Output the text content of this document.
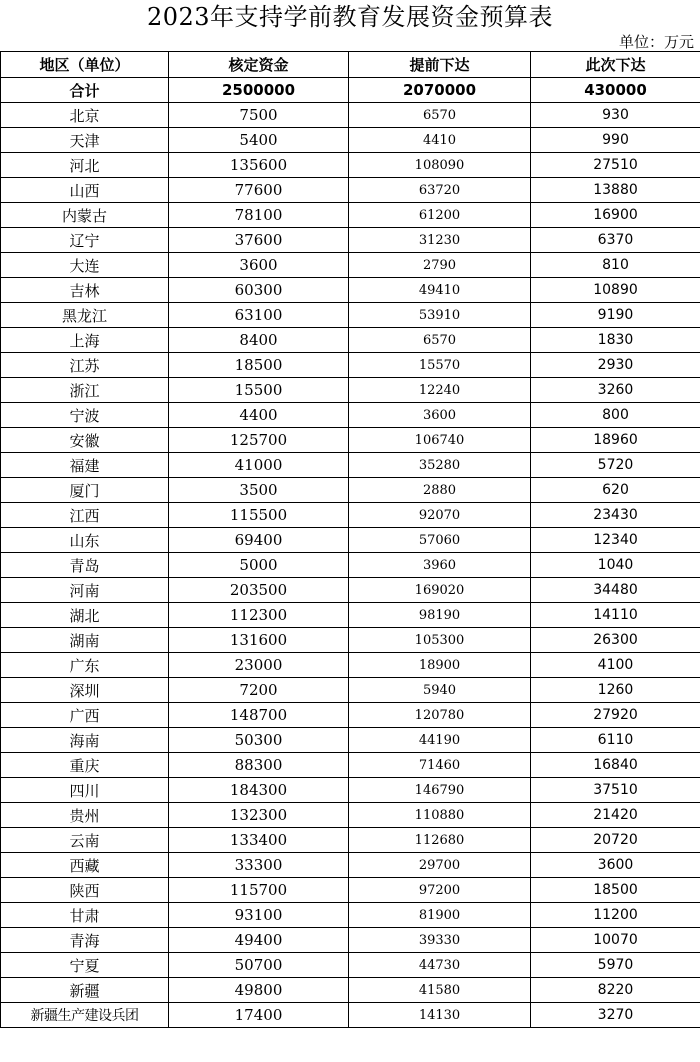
2023年支持学前教育发展资金预算表
单位：万元
地区（单位）	核定资金	提前下达	此次下达
合计	2500000	2070000	430000
北京	7500	6570	930
天津	5400	4410	990
河北	135600	108090	27510
山西	77600	63720	13880
内蒙古	78100	61200	16900
辽宁	37600	31230	6370
大连	3600	2790	810
吉林	60300	49410	10890
黑龙江	63100	53910	9190
上海	8400	6570	1830
江苏	18500	15570	2930
浙江	15500	12240	3260
宁波	4400	3600	800
安徽	125700	106740	18960
福建	41000	35280	5720
厦门	3500	2880	620
江西	115500	92070	23430
山东	69400	57060	12340
青岛	5000	3960	1040
河南	203500	169020	34480
湖北	112300	98190	14110
湖南	131600	105300	26300
广东	23000	18900	4100
深圳	7200	5940	1260
广西	148700	120780	27920
海南	50300	44190	6110
重庆	88300	71460	16840
四川	184300	146790	37510
贵州	132300	110880	21420
云南	133400	112680	20720
西藏	33300	29700	3600
陕西	115700	97200	18500
甘肃	93100	81900	11200
青海	49400	39330	10070
宁夏	50700	44730	5970
新疆	49800	41580	8220
新疆生产建设兵团	17400	14130	3270
